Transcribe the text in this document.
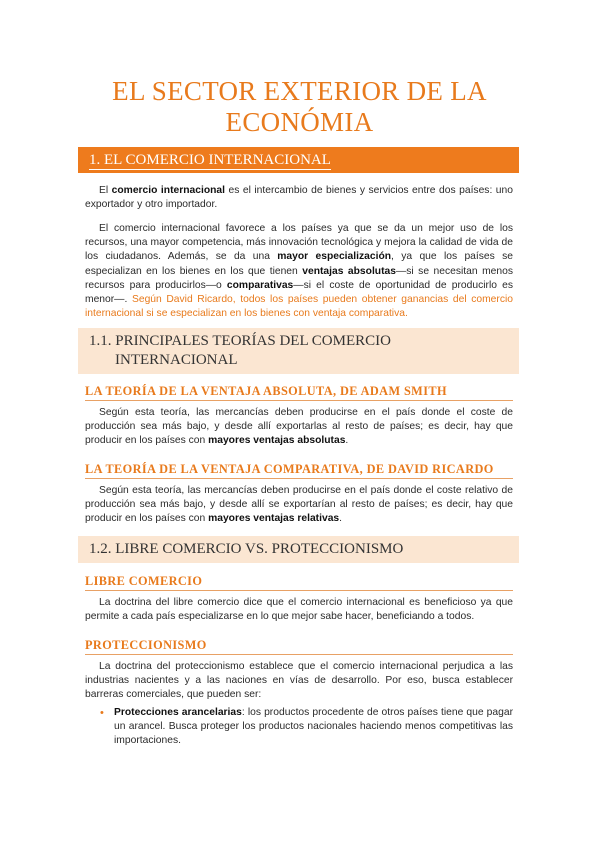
EL SECTOR EXTERIOR DE LA
ECONÓMIA
1. EL COMERCIO INTERNACIONAL

El comercio internacional es el intercambio de bienes y servicios entre dos países: uno exportador y otro importador.

El comercio internacional favorece a los países ya que se da un mejor uso de los recursos, una mayor competencia, más innovación tecnológica y mejora la calidad de vida de los ciudadanos. Además, se da una mayor especialización, ya que los países se especializan en los bienes en los que tienen ventajas absolutas—si se necesitan menos recursos para producirlos—o comparativas—si el coste de oportunidad de producirlo es menor—. Según David Ricardo, todos los países pueden obtener ganancias del comercio internacional si se especializan en los bienes con ventaja comparativa.

1.1. PRINCIPALES TEORÍAS DEL COMERCIO
INTERNACIONAL
LA TEORÍA DE LA VENTAJA ABSOLUTA, DE ADAM SMITH

Según esta teoría, las mercancías deben producirse en el país donde el coste de producción sea más bajo, y desde allí exportarlas al resto de países; es decir, hay que producir en los países con mayores ventajas absolutas.

LA TEORÍA DE LA VENTAJA COMPARATIVA, DE DAVID RICARDO

Según esta teoría, las mercancías deben producirse en el país donde el coste relativo de producción sea más bajo, y desde allí se exportarían al resto de países; es decir, hay que producir en los países con mayores ventajas relativas.

1.2. LIBRE COMERCIO VS. PROTECCIONISMO
LIBRE COMERCIO

La doctrina del libre comercio dice que el comercio internacional es beneficioso ya que permite a cada país especializarse en lo que mejor sabe hacer, beneficiando a todos.

PROTECCIONISMO

La doctrina del proteccionismo establece que el comercio internacional perjudica a las industrias nacientes y a las naciones en vías de desarrollo. Por eso, busca establecer barreras comerciales, que pueden ser:

• Protecciones arancelarias: los productos procedente de otros países tiene que pagar un arancel. Busca proteger los productos nacionales haciendo menos competitivas las importaciones.
